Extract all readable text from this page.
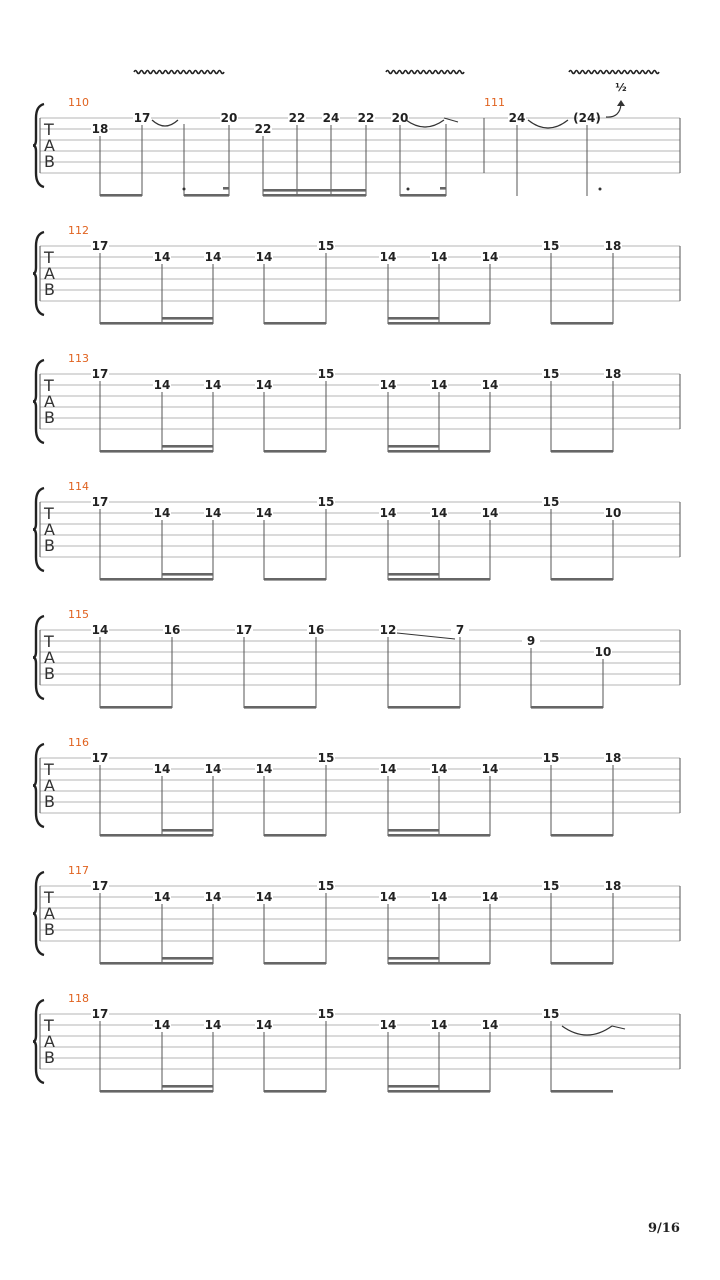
T
A
B
110
18
17	20
22
22 24 22 20	24	(24)
½
111
T
A
B
112
17
14	14	14
15
14	14	14
15	18
T
A
B
113
17
14	14	14
15
14	14	14
15	18
T
A
B
114
17
14	14	14
15
14	14	14
15
10
T
A
B
115
14	16	17	16	12	7
9
10
T
A
B
116
17
14	14	14
15
14	14	14
15	18
T
A
B
117
17
14	14	14
15
14	14	14
15	18
T
A
B
118
17
14	14	14
15
14	14	14
15
9/16
